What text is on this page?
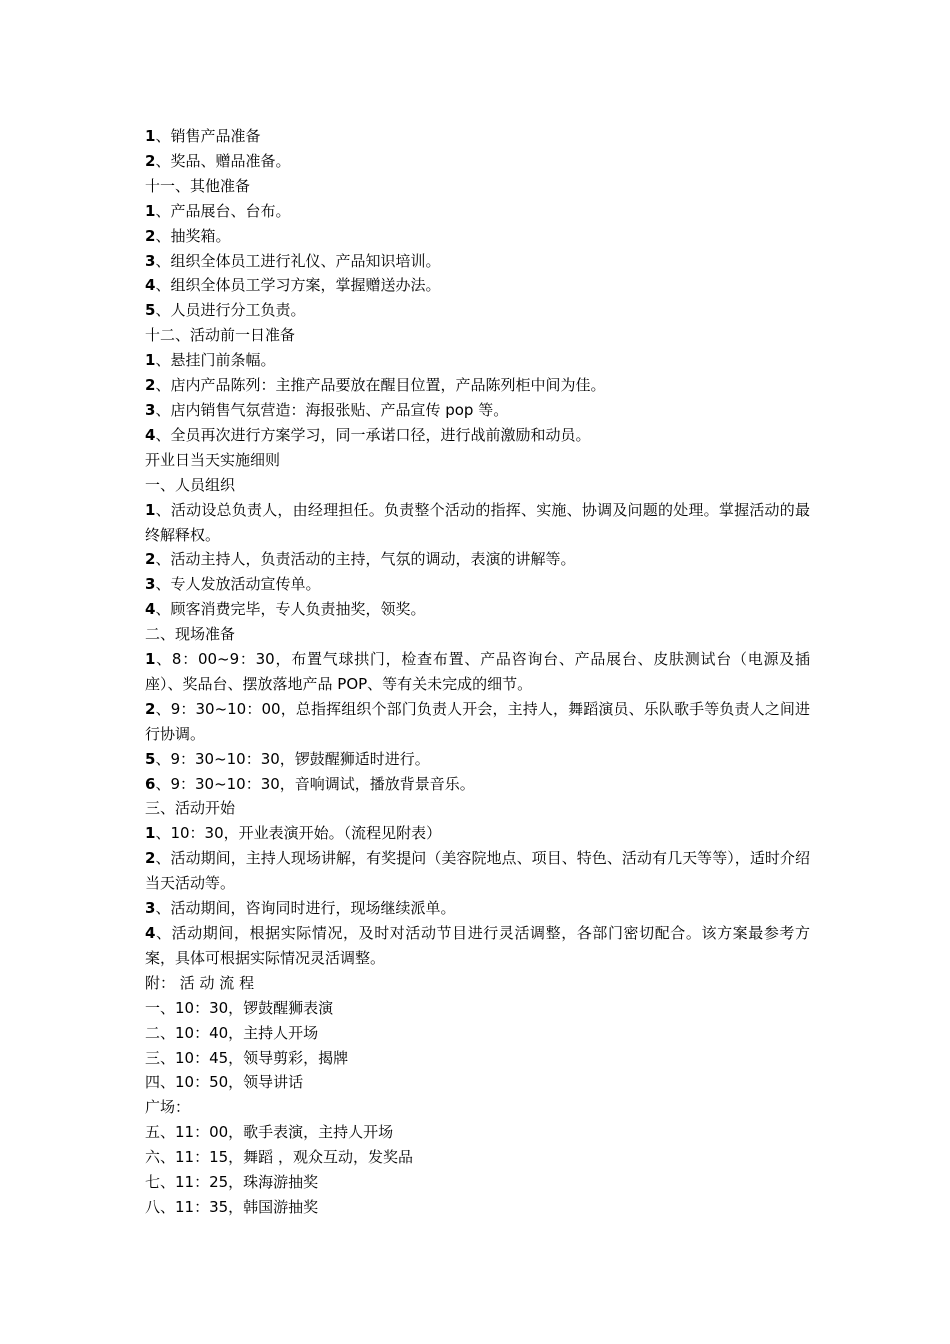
1、销售产品准备

2、奖品、赠品准备。

十一、其他准备

1、产品展台、台布。

2、抽奖箱。

3、组织全体员工进行礼仪、产品知识培训。

4、组织全体员工学习方案，掌握赠送办法。

5、人员进行分工负责。

十二、活动前一日准备

1、悬挂门前条幅。

2、店内产品陈列：主推产品要放在醒目位置，产品陈列柜中间为佳。

3、店内销售气氛营造：海报张贴、产品宣传 pop 等。

4、全员再次进行方案学习，同一承诺口径，进行战前激励和动员。

开业日当天实施细则

一、人员组织

1、活动设总负责人，由经理担任。负责整个活动的指挥、实施、协调及问题的处理。掌握活动的最终解释权。

2、活动主持人，负责活动的主持，气氛的调动，表演的讲解等。

3、专人发放活动宣传单。

4、顾客消费完毕，专人负责抽奖，领奖。

二、现场准备

1、8：00~9：30，布置气球拱门，检查布置、产品咨询台、产品展台、皮肤测试台（电源及插座）、奖品台、摆放落地产品 POP、等有关未完成的细节。

2、9：30~10：00，总指挥组织个部门负责人开会，主持人，舞蹈演员、乐队歌手等负责人之间进行协调。

5、9：30~10：30，锣鼓醒狮适时进行。

6、9：30~10：30，音响调试，播放背景音乐。

三、活动开始

1、10：30，开业表演开始。（流程见附表）

2、活动期间，主持人现场讲解，有奖提问（美容院地点、项目、特色、活动有几天等等），适时介绍当天活动等。

3、活动期间，咨询同时进行，现场继续派单。

4、活动期间，根据实际情况，及时对活动节目进行灵活调整，各部门密切配合。该方案最参考方案，具体可根据实际情况灵活调整。

附： 活 动 流 程

一、10：30，锣鼓醒狮表演

二、10：40，主持人开场

三、10：45，领导剪彩，揭牌

四、10：50，领导讲话

广场：

五、11：00，歌手表演，主持人开场

六、11：15，舞蹈 ，观众互动，发奖品

七、11：25，珠海游抽奖

八、11：35，韩国游抽奖
